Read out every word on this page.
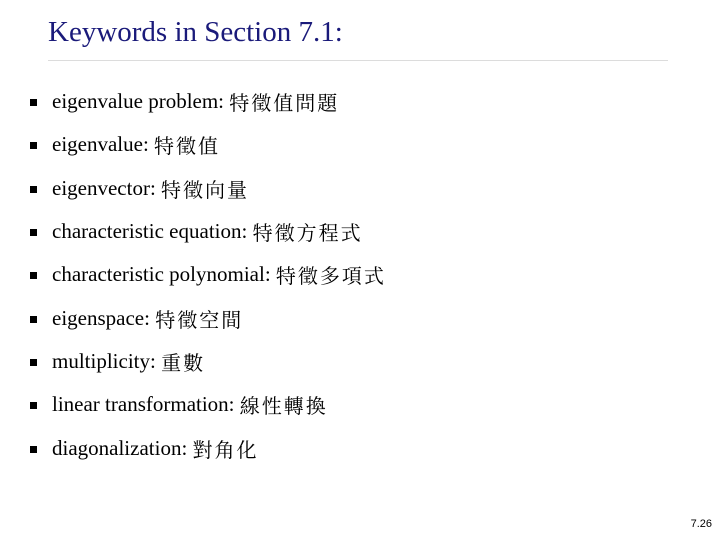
Keywords in Section 7.1:
eigenvalue problem:
特徵值問題
eigenvalue:
特徵值
eigenvector:
特徵向量
characteristic equation:
特徵方程式
characteristic polynomial:
特徵多項式
eigenspace:
特徵空間
multiplicity:
重數
linear transformation:
線性轉換
diagonalization:
對角化
7.26
